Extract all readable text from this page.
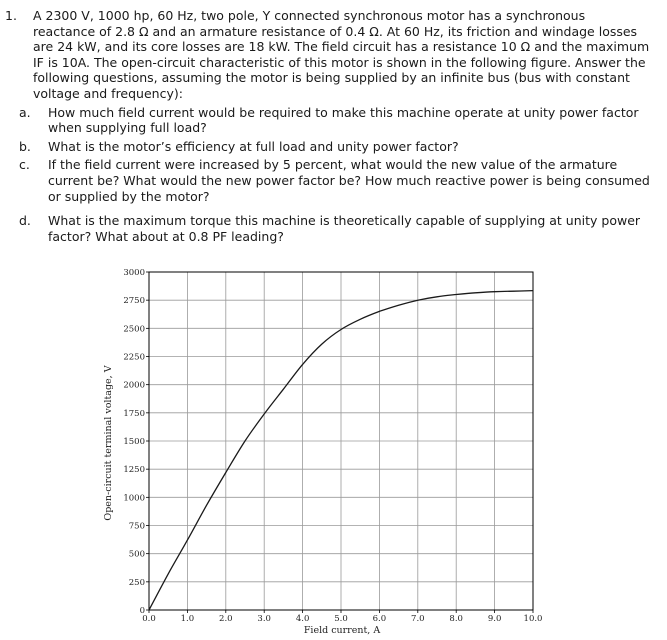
1. A 2300 V, 1000 hp, 60 Hz, two pole, Y connected synchronous motor has a synchronous reactance of 2.8 Ω and an armature resistance of 0.4 Ω. At 60 Hz, its friction and windage losses are 24 kW, and its core losses are 18 kW. The field circuit has a resistance 10 Ω and the maximum IF is 10A. The open-circuit characteristic of this motor is shown in the following figure. Answer the following questions, assuming the motor is being supplied by an infinite bus (bus with constant voltage and frequency):
a. How much field current would be required to make this machine operate at unity power factor when supplying full load?
b. What is the motor’s efficiency at full load and unity power factor?
c. If the field current were increased by 5 percent, what would the new value of the armature current be? What would the new power factor be? How much reactive power is being consumed or supplied by the motor?
d. What is the maximum torque this machine is theoretically capable of supplying at unity power factor? What about at 0.8 PF leading?
0.0	1.0	2.0	3.0	4.0	5.0	6.0	7.0	8.0	9.0	10.0
0
250
500
750
1000
1250
1500
1750
2000
2250
2500
2750
3000
Field current, A
Open-circuit terminal voltage, V
